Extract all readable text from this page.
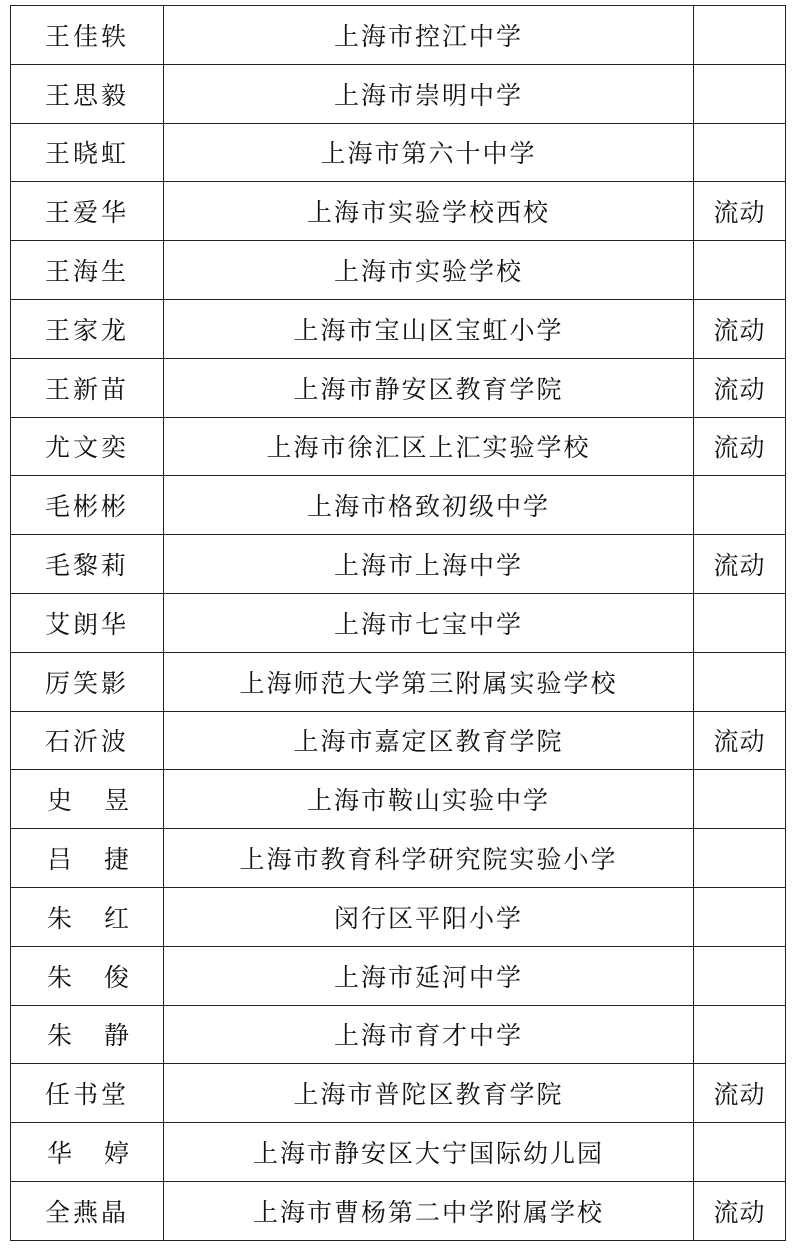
王佳轶	上海市控江中学	
王思毅	上海市崇明中学	
王晓虹	上海市第六十中学	
王爱华	上海市实验学校西校	流动
王海生	上海市实验学校	
王家龙	上海市宝山区宝虹小学	流动
王新苗	上海市静安区教育学院	流动
尤文奕	上海市徐汇区上汇实验学校	流动
毛彬彬	上海市格致初级中学	
毛黎莉	上海市上海中学	流动
艾朗华	上海市七宝中学	
厉笑影	上海师范大学第三附属实验学校	
石沂波	上海市嘉定区教育学院	流动
史昱	上海市鞍山实验中学	
吕捷	上海市教育科学研究院实验小学	
朱红	闵行区平阳小学	
朱俊	上海市延河中学	
朱静	上海市育才中学	
任书堂	上海市普陀区教育学院	流动
华婷	上海市静安区大宁国际幼儿园	
全燕晶	上海市曹杨第二中学附属学校	流动
